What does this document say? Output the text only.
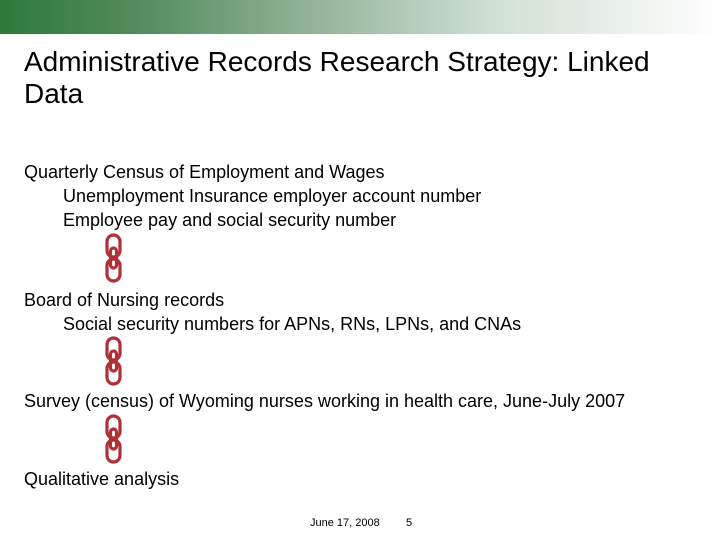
Administrative Records Research Strategy: Linked Data
Quarterly Census of Employment and Wages
Unemployment Insurance employer account number
Employee pay and social security number
Board of Nursing records
Social security numbers for APNs, RNs, LPNs, and CNAs
Survey (census) of Wyoming nurses working in health care, June-July 2007
Qualitative analysis
June 17, 2008 5
